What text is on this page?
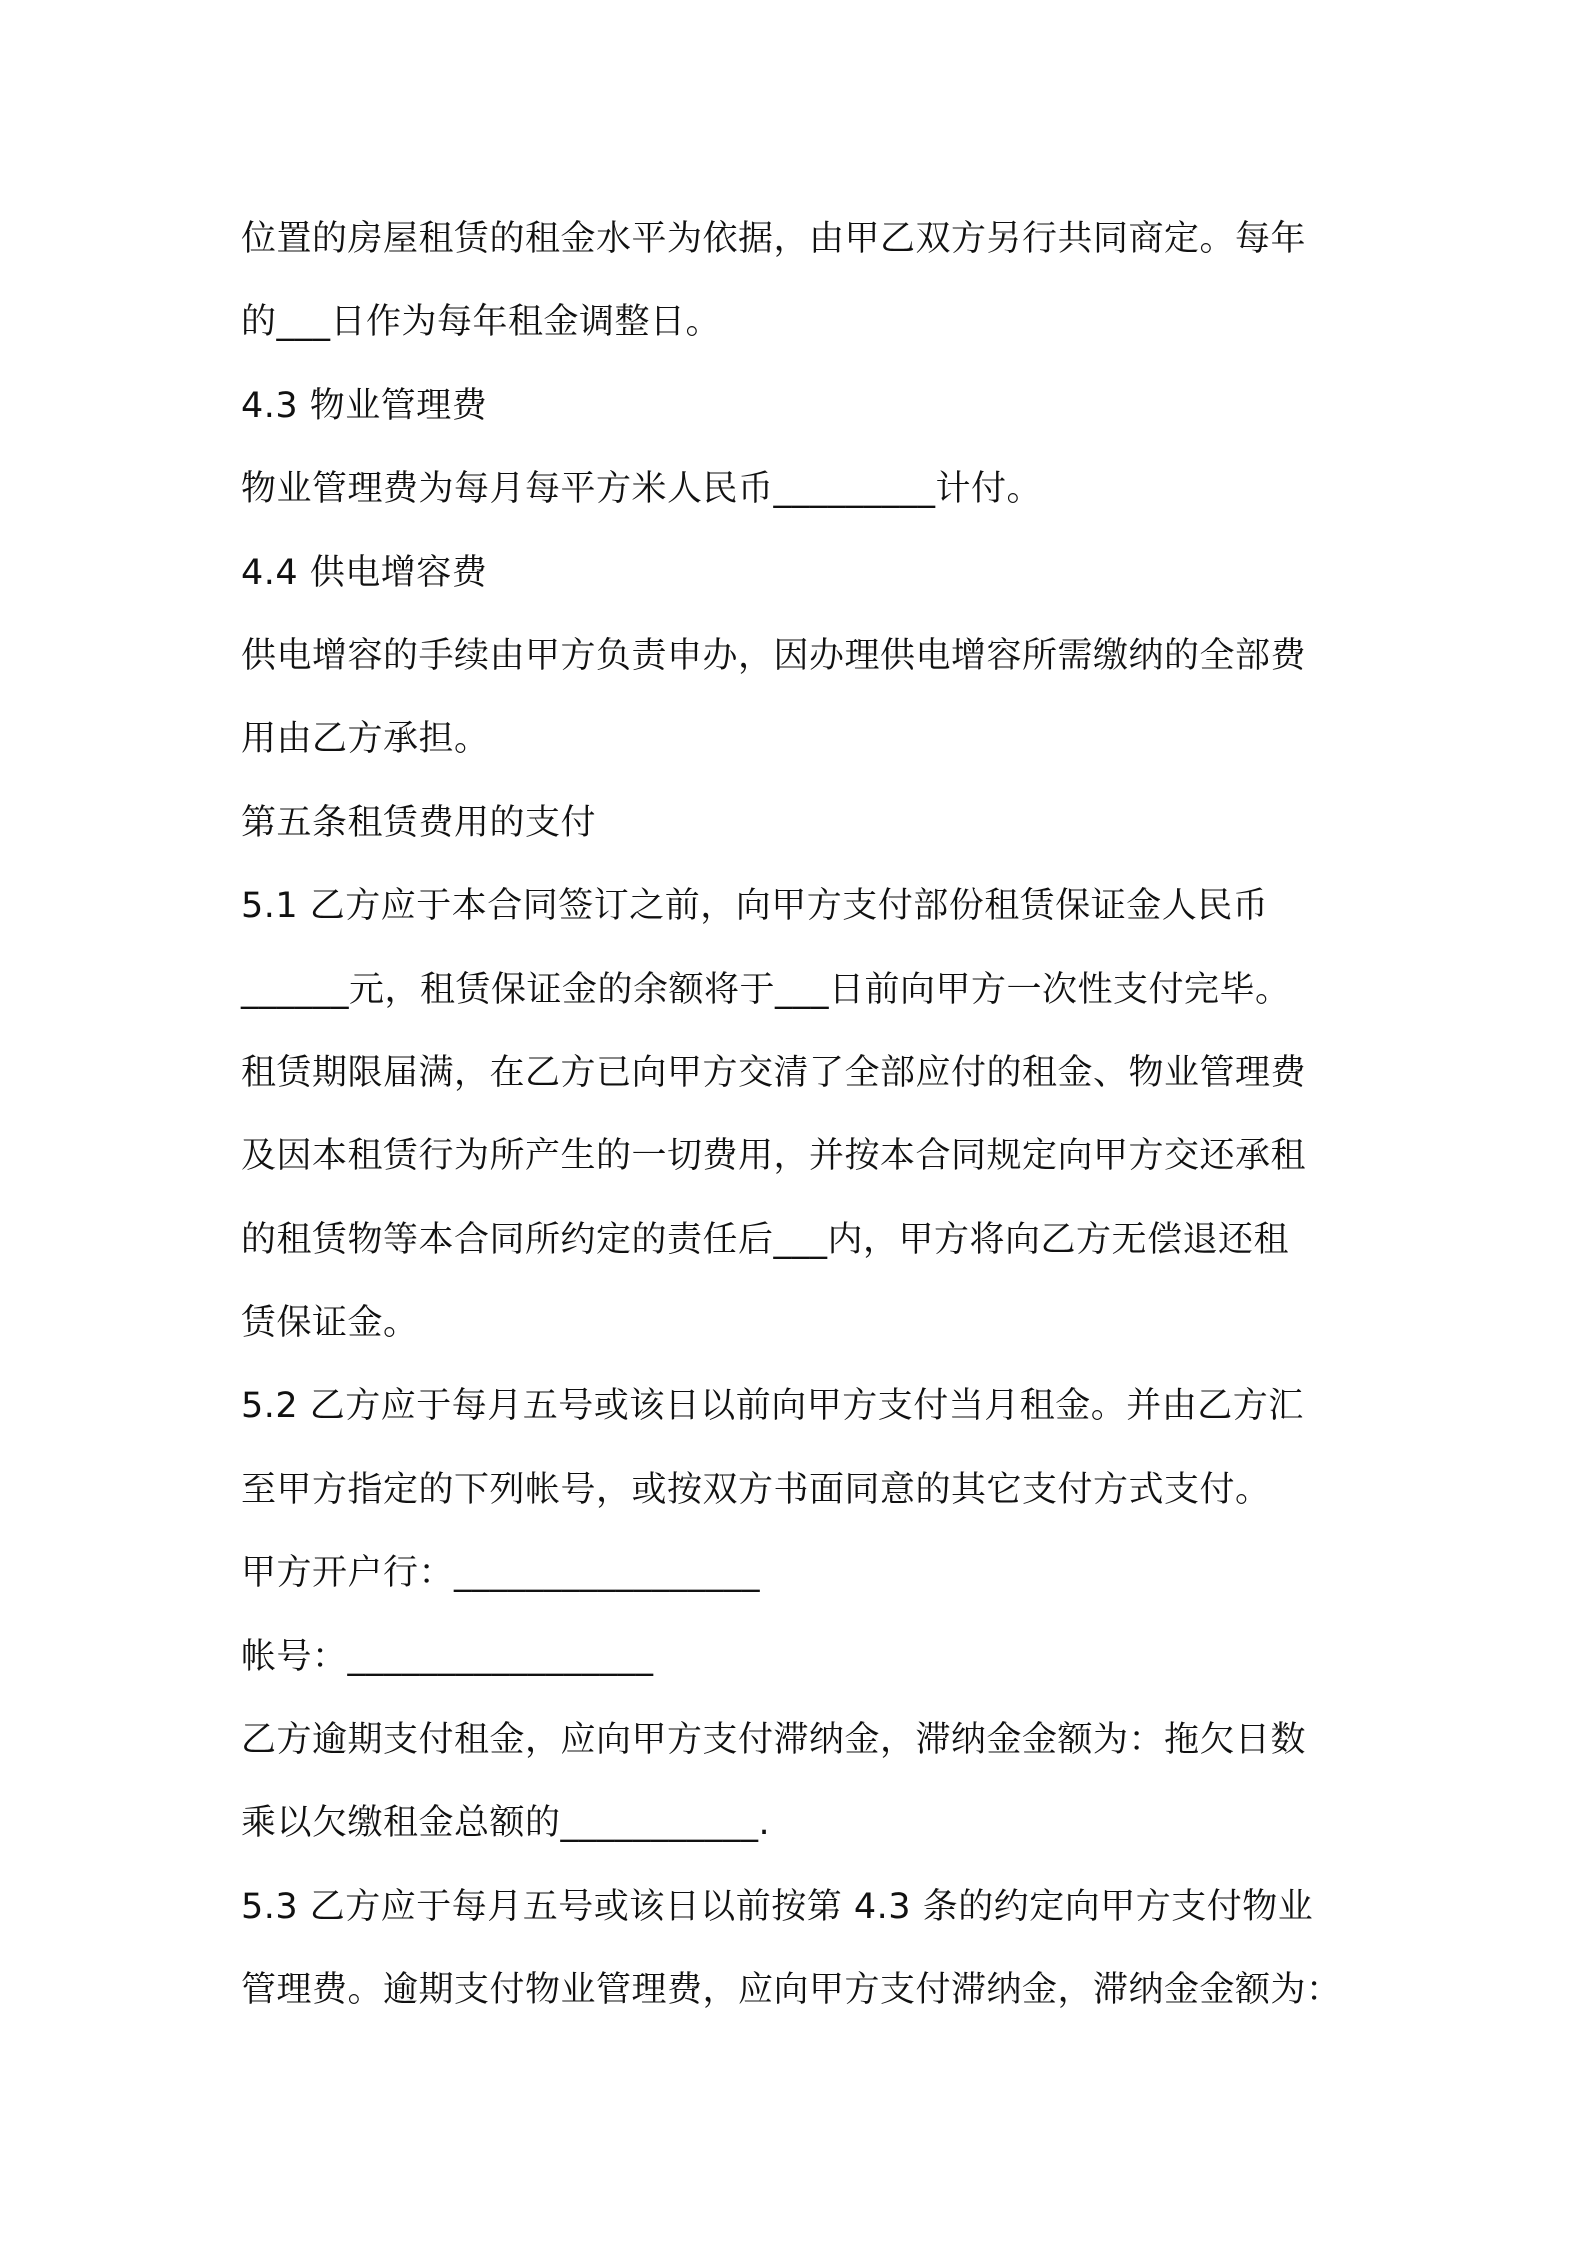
位置的房屋租赁的租金水平为依据，由甲乙双方另行共同商定。每年
的___日作为每年租金调整日。
4.3 物业管理费
物业管理费为每月每平方米人民币_________计付。
4.4 供电增容费
供电增容的手续由甲方负责申办，因办理供电增容所需缴纳的全部费
用由乙方承担。
第五条租赁费用的支付
5.1 乙方应于本合同签订之前，向甲方支付部份租赁保证金人民币
______元，租赁保证金的余额将于___日前向甲方一次性支付完毕。
租赁期限届满，在乙方已向甲方交清了全部应付的租金、物业管理费
及因本租赁行为所产生的一切费用，并按本合同规定向甲方交还承租
的租赁物等本合同所约定的责任后___内，甲方将向乙方无偿退还租
赁保证金。
5.2 乙方应于每月五号或该日以前向甲方支付当月租金。并由乙方汇
至甲方指定的下列帐号，或按双方书面同意的其它支付方式支付。
甲方开户行：_________________
帐号：_________________
乙方逾期支付租金，应向甲方支付滞纳金，滞纳金金额为：拖欠日数
乘以欠缴租金总额的___________.
5.3 乙方应于每月五号或该日以前按第 4.3 条的约定向甲方支付物业
管理费。逾期支付物业管理费，应向甲方支付滞纳金，滞纳金金额为：
